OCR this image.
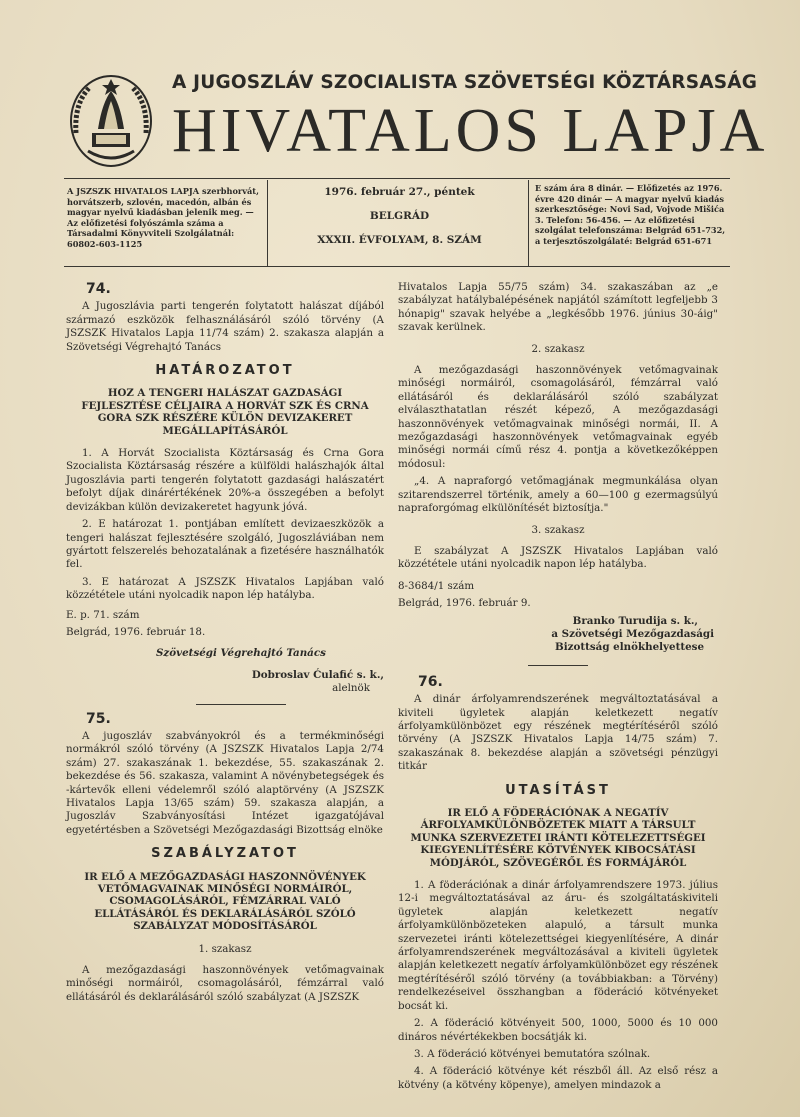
A JUGOSZLÁV SZOCIALISTA SZÖVETSÉGI KÖZTÁRSASÁG
HIVATALOS LAPJA
A JSZSZK HIVATALOS LAPJA szerbhorvát, horvátszerb, szlovén, macedón, albán és magyar nyelvű kiadásban jelenik meg. — Az előfizetési folyószámla száma a Társadalmi Könyvviteli Szolgálatnál: 60802-603-1125
1976. február 27., péntek
BELGRÁD
XXXII. ÉVFOLYAM, 8. SZÁM
E szám ára 8 dinár. — Előfizetés az 1976. évre 420 dinár — A magyar nyelvű kiadás szerkesztősége: Novi Sad, Vojvode Mišića 3. Telefon: 56-456. — Az előfizetési szolgálat telefonszáma: Belgrád 651-732, a terjesztőszolgálaté: Belgrád 651-671

74.

A Jugoszlávia parti tengerén folytatott halászat díjából származó eszközök felhasználásáról szóló törvény (A JSZSZK Hivatalos Lapja 11/74 szám) 2. szakasza alapján a Szövetségi Végrehajtó Tanács

HATÁROZATOT

HOZ A TENGERI HALÁSZAT GAZDASÁGI FEJLESZTÉSE CÉLJAIRA A HORVÁT SZK ÉS CRNA GORA SZK RÉSZÉRE KÜLÖN DEVIZAKERET MEGÁLLAPÍTÁSÁRÓL

1. A Horvát Szocialista Köztársaság és Crna Gora Szocialista Köztársaság részére a külföldi halászhajók által Jugoszlávia parti tengerén folytatott gazdasági halászatért befolyt díjak dinárértékének 20%-a összegében a befolyt devizákban külön devizakeretet hagyunk jóvá.

2. E határozat 1. pontjában említett devizaeszközök a tengeri halászat fejlesztésére szolgáló, Jugoszláviában nem gyártott felszerelés behozatalának a fizetésére használhatók fel.

3. E határozat A JSZSZK Hivatalos Lapjában való közzététele utáni nyolcadik napon lép hatályba.

E. p. 71. szám

Belgrád, 1976. február 18.

Szövetségi Végrehajtó Tanács

Dobroslav Ćulafić s. k.,

alelnök

75.

A jugoszláv szabványokról és a termékminőségi normákról szóló törvény (A JSZSZK Hivatalos Lapja 2/74 szám) 27. szakaszának 1. bekezdése, 55. szakaszának 2. bekezdése és 56. szakasza, valamint A növénybetegségek és -kártevők elleni védelemről szóló alaptörvény (A JSZSZK Hivatalos Lapja 13/65 szám) 59. szakasza alapján, a Jugoszláv Szabványosítási Intézet igazgatójával egyetértésben a Szövetségi Mezőgazdasági Bizottság elnöke

SZABÁLYZATOT

IR ELŐ A MEZŐGAZDASÁGI HASZONNÖVÉNYEK VETŐMAGVAINAK MINŐSÉGI NORMÁIRÓL, CSOMAGOLÁSÁRÓL, FÉMZÁRRAL VALÓ ELLÁTÁSÁRÓL ÉS DEKLARÁLÁSÁRÓL SZÓLÓ SZABÁLYZAT MÓDOSÍTÁSÁRÓL

1. szakasz

A mezőgazdasági haszonnövények vetőmagvainak minőségi normáiról, csomagolásáról, fémzárral való ellátásáról és deklarálásáról szóló szabályzat (A JSZSZK

Hivatalos Lapja 55/75 szám) 34. szakaszában az „e szabályzat hatálybalépésének napjától számított legfeljebb 3 hónapig" szavak helyébe a „legkésőbb 1976. június 30-áig" szavak kerülnek.

2. szakasz

A mezőgazdasági haszonnövények vetőmagvainak minőségi normáiról, csomagolásáról, fémzárral való ellátásáról és deklarálásáról szóló szabályzat elválaszthatatlan részét képező, A mezőgazdasági haszonnövények vetőmagvainak minőségi normái, II. A mezőgazdasági haszonnövények vetőmagvainak egyéb minőségi normái című rész 4. pontja a következőképpen módosul:

„4. A napraforgó vetőmagjának megmunkálása olyan szitarendszerrel történik, amely a 60—100 g ezermagsúlyú napraforgómag elkülönítését biztosítja."

3. szakasz

E szabályzat A JSZSZK Hivatalos Lapjában való közzététele utáni nyolcadik napon lép hatályba.

8-3684/1 szám

Belgrád, 1976. február 9.

Branko Turudija s. k.,

a Szövetségi Mezőgazdasági

Bizottság elnökhelyettese

76.

A dinár árfolyamrendszerének megváltoztatásával a kiviteli ügyletek alapján keletkezett negatív árfolyamkülönbözet egy részének megtérítéséről szóló törvény (A JSZSZK Hivatalos Lapja 14/75 szám) 7. szakaszának 8. bekezdése alapján a szövetségi pénzügyi titkár

UTASÍTÁST

IR ELŐ A FÖDERÁCIÓNAK A NEGATÍV ÁRFOLYAMKÜLÖNBÖZETEK MIATT A TÁRSULT MUNKA SZERVEZETEI IRÁNTI KÖTELEZETTSÉGEI KIEGYENLÍTÉSÉRE KÖTVÉNYEK KIBOCSÁTÁSI MÓDJÁRÓL, SZÖVEGÉRŐL ÉS FORMÁJÁRÓL

1. A föderációnak a dinár árfolyamrendszere 1973. július 12-i megváltoztatásával az áru- és szolgáltatáskiviteli ügyletek alapján keletkezett negatív árfolyamkülönbözeteken alapuló, a társult munka szervezetei iránti kötelezettségei kiegyenlítésére, A dinár árfolyamrendszerének megváltozásával a kiviteli ügyletek alapján keletkezett negatív árfolyamkülönbözet egy részének megtérítéséről szóló törvény (a továbbiakban: a Törvény) rendelkezéseivel összhangban a föderáció kötvényeket bocsát ki.

2. A föderáció kötvényeit 500, 1000, 5000 és 10 000 dináros névértékekben bocsátják ki.

3. A föderáció kötvényei bemutatóra szólnak.

4. A föderáció kötvénye két részből áll. Az első rész a kötvény (a kötvény köpenye), amelyen mindazok a
